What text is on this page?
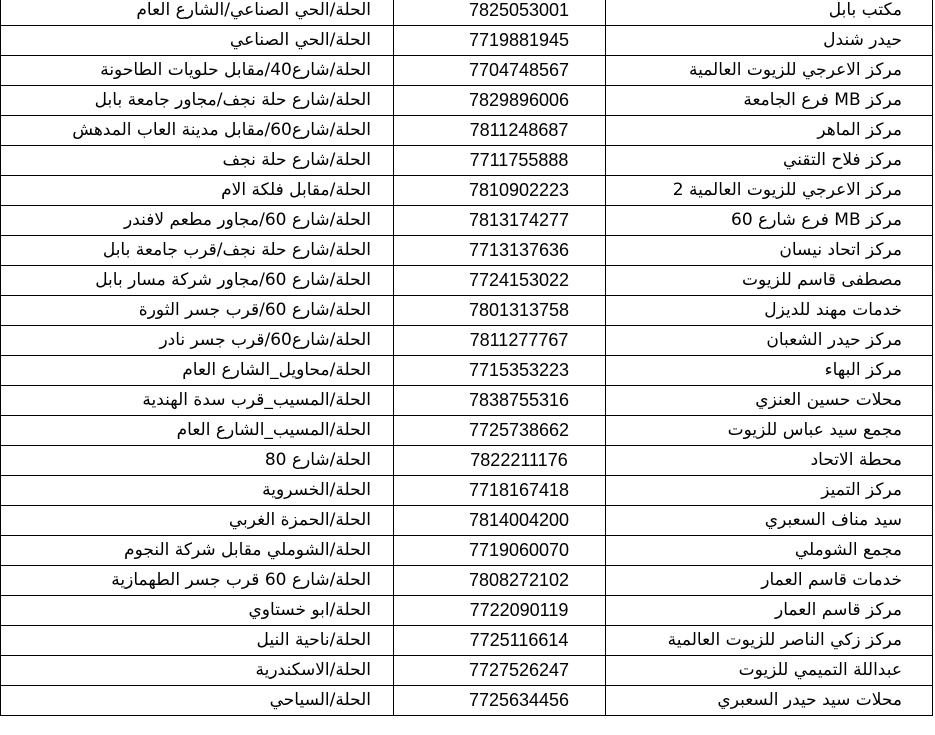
مكتب بابل	7825053001	الحلة/الحي الصناعي/الشارع العام
حيدر شندل	7719881945	الحلة/الحي الصناعي
مركز الاعرجي للزيوت العالمية	7704748567	الحلة/شارع40/مقابل حلويات الطاحونة
مركز MB فرع الجامعة	7829896006	الحلة/شارع حلة نجف/مجاور جامعة بابل
مركز الماهر	7811248687	الحلة/شارع60/مقابل مدينة العاب المدهش
مركز فلاح التقني	7711755888	الحلة/شارع حلة نجف
مركز الاعرجي للزيوت العالمية 2	7810902223	الحلة/مقابل فلكة الام
مركز MB فرع شارع 60	7813174277	الحلة/شارع 60/مجاور مطعم لافندر
مركز اتحاد نيسان	7713137636	الحلة/شارع حلة نجف/قرب جامعة بابل
مصطفى قاسم للزيوت	7724153022	الحلة/شارع 60/مجاور شركة مسار بابل
خدمات مهند للديزل	7801313758	الحلة/شارع 60/قرب جسر الثورة
مركز حيدر الشعبان	7811277767	الحلة/شارع60/قرب جسر نادر
مركز البهاء	7715353223	الحلة/محاويل_الشارع العام
محلات حسين العنزي	7838755316	الحلة/المسيب_قرب سدة الهندية
مجمع سيد عباس للزيوت	7725738662	الحلة/المسيب_الشارع العام
محطة الاتحاد	7822211176	الحلة/شارع 80
مركز التميز	7718167418	الحلة/الخسروية
سيد مناف السعبري	7814004200	الحلة/الحمزة الغربي
مجمع الشوملي	7719060070	الحلة/الشوملي مقابل شركة النجوم
خدمات قاسم العمار	7808272102	الحلة/شارع 60 قرب جسر الطهمازية
مركز قاسم العمار	7722090119	الحلة/ابو خستاوي
مركز زكي الناصر للزيوت العالمية	7725116614	الحلة/ناحية النيل
عبداللة التميمي للزيوت	7727526247	الحلة/الاسكندرية
محلات سيد حيدر السعبري	7725634456	الحلة/السياحي
